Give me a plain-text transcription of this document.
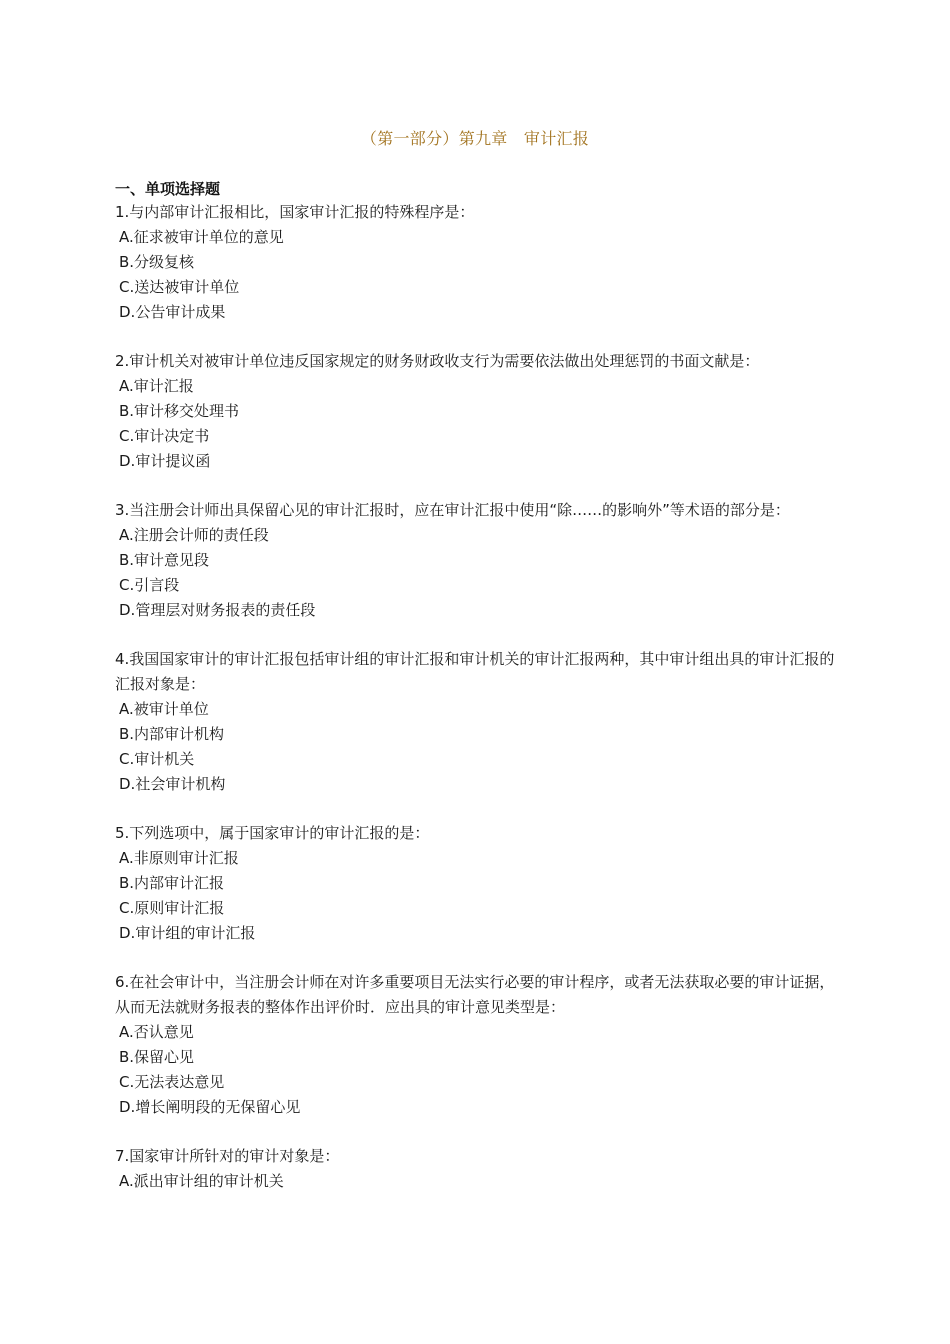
（第一部分）第九章　审计汇报
一、单项选择题

1.与内部审计汇报相比，国家审计汇报的特殊程序是：

A.征求被审计单位的意见

B.分级复核

C.送达被审计单位

D.公告审计成果

2.审计机关对被审计单位违反国家规定的财务财政收支行为需要依法做出处理惩罚的书面文献是：

A.审计汇报

B.审计移交处理书

C.审计决定书

D.审计提议函

3.当注册会计师出具保留心见的审计汇报时，应在审计汇报中使用“除……的影响外”等术语的部分是：

A.注册会计师的责任段

B.审计意见段

C.引言段

D.管理层对财务报表的责任段

4.我国国家审计的审计汇报包括审计组的审计汇报和审计机关的审计汇报两种，其中审计组出具的审计汇报的汇报对象是：

A.被审计单位

B.内部审计机构

C.审计机关

D.社会审计机构

5.下列选项中，属于国家审计的审计汇报的是：

A.非原则审计汇报

B.内部审计汇报

C.原则审计汇报

D.审计组的审计汇报

6.在社会审计中，当注册会计师在对许多重要项目无法实行必要的审计程序，或者无法获取必要的审计证据，从而无法就财务报表的整体作出评价时．应出具的审计意见类型是：

A.否认意见

B.保留心见

C.无法表达意见

D.增长阐明段的无保留心见

7.国家审计所针对的审计对象是：

A.派出审计组的审计机关
